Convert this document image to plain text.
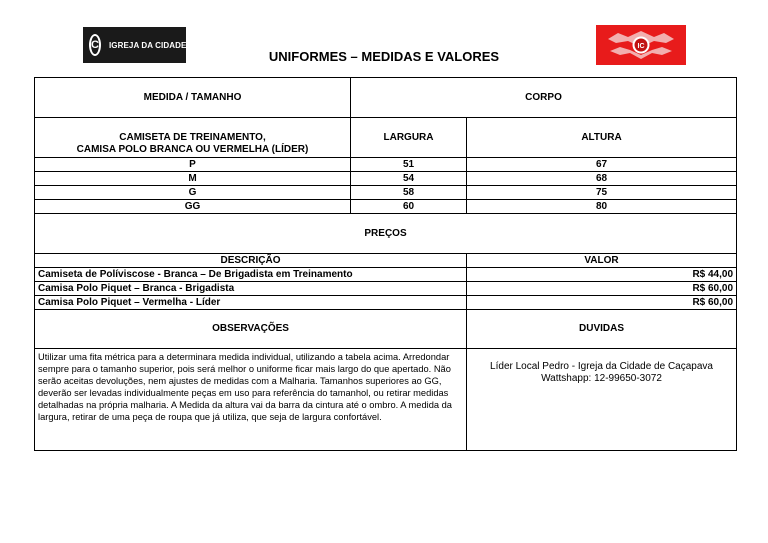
C IGREJA DA CIDADE	IC
UNIFORMES – MEDIDAS E VALORES
MEDIDA / TAMANHO	CORPO	

CAMISETA DE TREINAMENTO,
CAMISA POLO BRANCA OU VERMELHA (LÍDER)	LARGURA	ALTURA
P	51	67
M	54	68
G	58	75
GG	60	80
PREÇOS		
DESCRIÇÃO		VALOR
Camiseta de Políviscose - Branca – De Brigadista em Treinamento		R$ 44,00
Camisa Polo Piquet – Branca - Brigadista		R$ 60,00
Camisa Polo Piquet – Vermelha - Líder		R$ 60,00
OBSERVAÇÕES		DUVIDAS
Utilizar uma fita métrica para a determinara medida individual, utilizando a tabela acima. Arredondar sempre para o tamanho superior, pois será melhor o uniforme ficar mais largo do que apertado. Não serão aceitas devoluções, nem ajustes de medidas com a Malharia. Tamanhos superiores ao GG, deverão ser levadas individualmente peças em uso para referência do tamanhol, ou retirar medidas detalhadas na própria malharia. A Medida da altura vai da barra da cintura até o ombro. A medida da largura, retirar de uma peça de roupa que já utiliza, que seja de largura confortável.		Líder Local Pedro - Igreja da Cidade de Caçapava
Wattshapp: 12-99650-3072
